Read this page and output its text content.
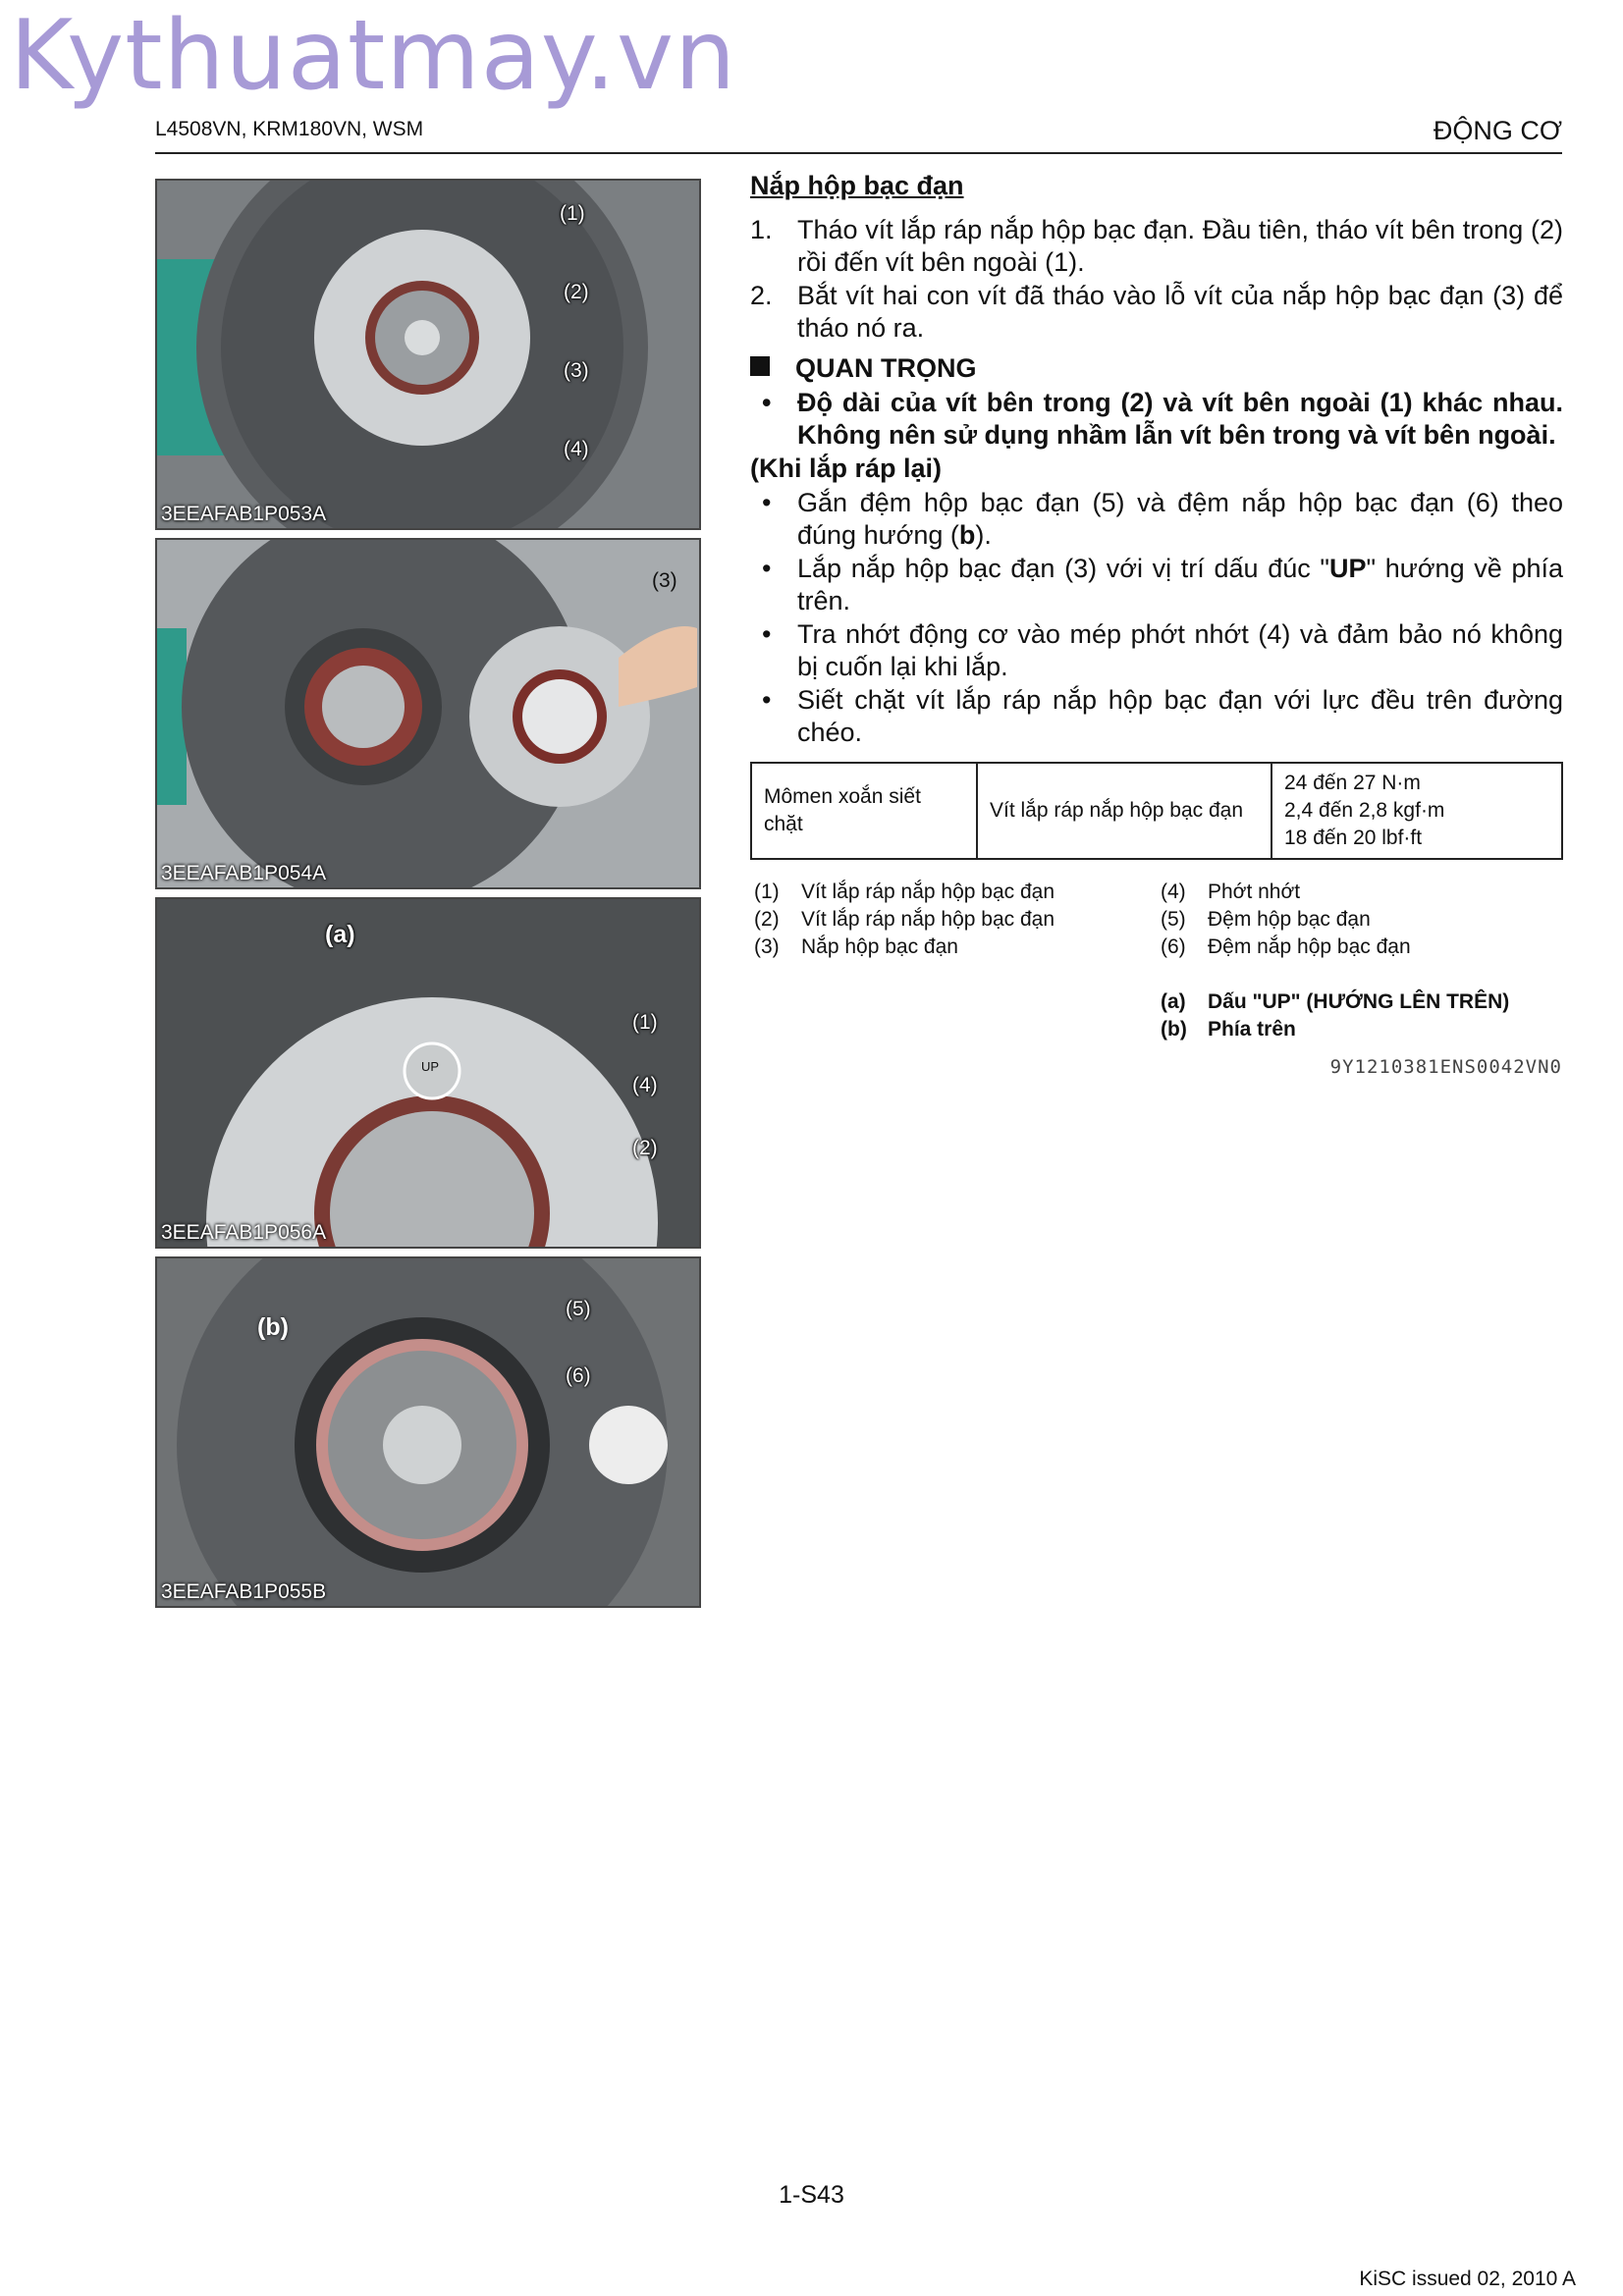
Kythuatmay.vn
L4508VN, KRM180VN, WSM	ĐỘNG CƠ
(1)
(2)
(3)
(4)
3EEAFAB1P053A
(3)
3EEAFAB1P054A
(a)
UP
(1)
(4)
(2)
3EEAFAB1P056A
(b)
(5)
(6)
3EEAFAB1P055B
Nắp hộp bạc đạn
1. Tháo vít lắp ráp nắp hộp bạc đạn. Đầu tiên, tháo vít bên trong (2) rồi đến vít bên ngoài (1).
2. Bắt vít hai con vít đã tháo vào lỗ vít của nắp hộp bạc đạn (3) để tháo nó ra.
QUAN TRỌNG
• Độ dài của vít bên trong (2) và vít bên ngoài (1) khác nhau. Không nên sử dụng nhầm lẫn vít bên trong và vít bên ngoài.
(Khi lắp ráp lại)
• Gắn đệm hộp bạc đạn (5) và đệm nắp hộp bạc đạn (6) theo đúng hướng (b).
• Lắp nắp hộp bạc đạn (3) với vị trí dấu đúc "UP" hướng về phía trên.
• Tra nhớt động cơ vào mép phớt nhớt (4) và đảm bảo nó không bị cuốn lại khi lắp.
• Siết chặt vít lắp ráp nắp hộp bạc đạn với lực đều trên đường chéo.
Mômen xoắn siết chặt	Vít lắp ráp nắp hộp bạc đạn	
24 đến 27 N·m
2,4 đến 2,8 kgf·m
18 đến 20 lbf·ft
(1) Vít lắp ráp nắp hộp bạc đạn
(2) Vít lắp ráp nắp hộp bạc đạn
(3) Nắp hộp bạc đạn
(4) Phớt nhớt
(5) Đệm hộp bạc đạn
(6) Đệm nắp hộp bạc đạn
(a) Dấu "UP" (HƯỚNG LÊN TRÊN)
(b) Phía trên
9Y1210381ENS0042VN0
1-S43
KiSC issued 02, 2010 A
